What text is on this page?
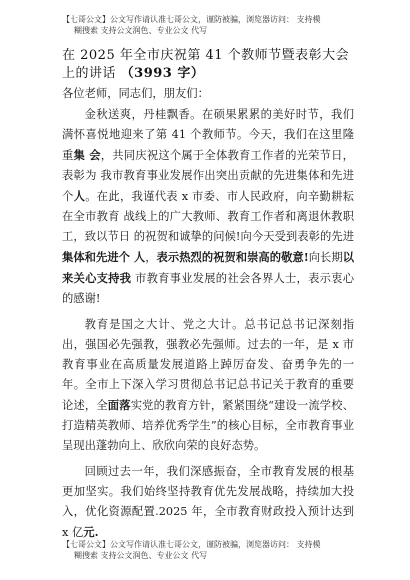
【七哥公文】公文写作请认准七哥公文，谨防被骗，浏览器访问： 支持模
糊搜索 支持公文润色、专业公文 代写
在 2025 年全市庆祝第 41 个教师节暨表彰大会上的讲话 （3993 字）

各位老师，同志们，朋友们：

金秋送爽，丹桂飘香。在硕果累累的美好时节，我们满怀喜悦地迎来了第 41 个教师节。今天，我们在这里隆重集 会，共同庆祝这个属于全体教育工作者的光荣节日，表彰为 我市教育事业发展作出突出贡献的先进集体和先进个人。在此，我谨代表 x 市委、市人民政府，向辛勤耕耘在全市教育 战线上的广大教师、教育工作者和离退休教职工，致以节日 的祝贺和诚挚的问候!向今天受到表彰的先进集体和先进个 人，表示热烈的祝贺和崇高的敬意!向长期以来关心支持我 市教育事业发展的社会各界人士，表示衷心的感谢!

教育是国之大计、党之大计。总书记总书记深刻指出，强国必先强教，强教必先强师。过去的一年，是 x 市教育事业在高质量发展道路上踔厉奋发、奋勇争先的一年。全市上下深入学习贯彻总书记总书记关于教育的重要论述，全面落实党的教育方针，紧紧围绕“建设一流学校、打造精英教师、培养优秀学生”的核心目标，全市教育事业呈现出蓬勃向上、欣欣向荣的良好态势。

回顾过去一年，我们深感振奋，全市教育发展的根基更加坚实。我们始终坚持教育优先发展战略，持续加大投入，优化资源配置.2025 年，全市教育财政投入预计达到 x 亿元.

【七哥公文】公文写作请认准七哥公文，谨防被骗，浏览器访问： 支持模
糊搜索 支持公文润色、专业公文 代写
